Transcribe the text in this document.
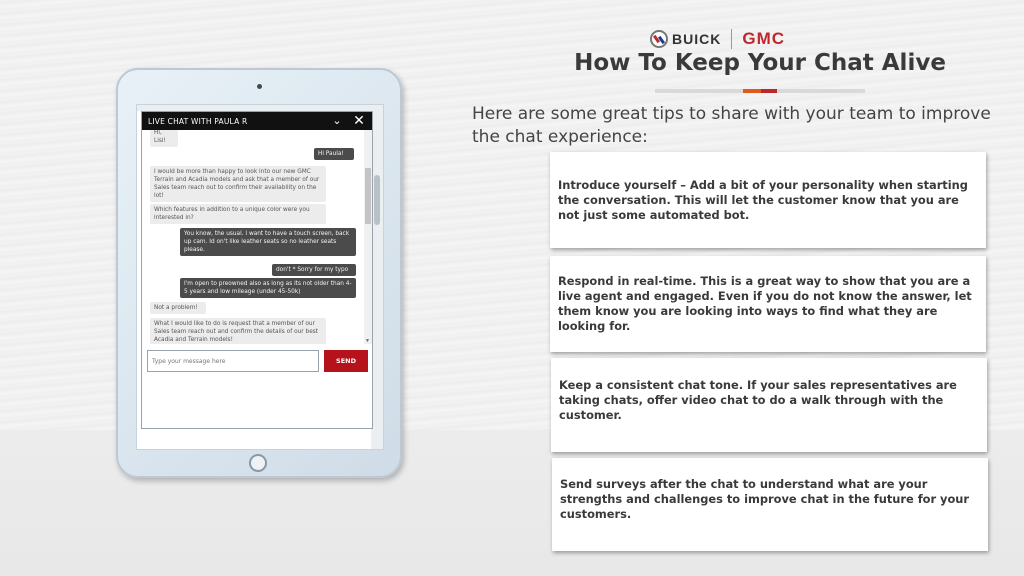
BUICK GMC
How To Keep Your Chat Alive

Here are some great tips to share with your team to improve the chat experience:

Introduce yourself – Add a bit of your personality when starting the conversation. This will let the customer know that you are not just some automated bot.
Respond in real-time. This is a great way to show that you are a live agent and engaged. Even if you do not know the answer, let them know you are looking into ways to find what they are looking for.
Keep a consistent chat tone. If your sales representatives are taking chats, offer video chat to do a walk through with the customer.
Send surveys after the chat to understand what are your strengths and challenges to improve chat in the future for your customers.
LIVE CHAT WITH PAULA R	⌄ ✕
Hi, Lisi!
Hi Paula!
I would be more than happy to look into our new GMC Terrain and Acadia models and ask that a member of our Sales team reach out to confirm their availability on the lot!
Which features in addition to a unique color were you interested in?
You know, the usual. I want to have a touch screen, back up cam. Id on't like leather seats so no leather seats please.
don't * Sorry for my typo
I'm open to preowned also as long as its not older than 4-5 years and low mileage (under 45-50k)
Not a problem!
What I would like to do is request that a member of our Sales team reach out and confirm the details of our best Acadia and Terrain models!	▼
Type your message here
SEND
